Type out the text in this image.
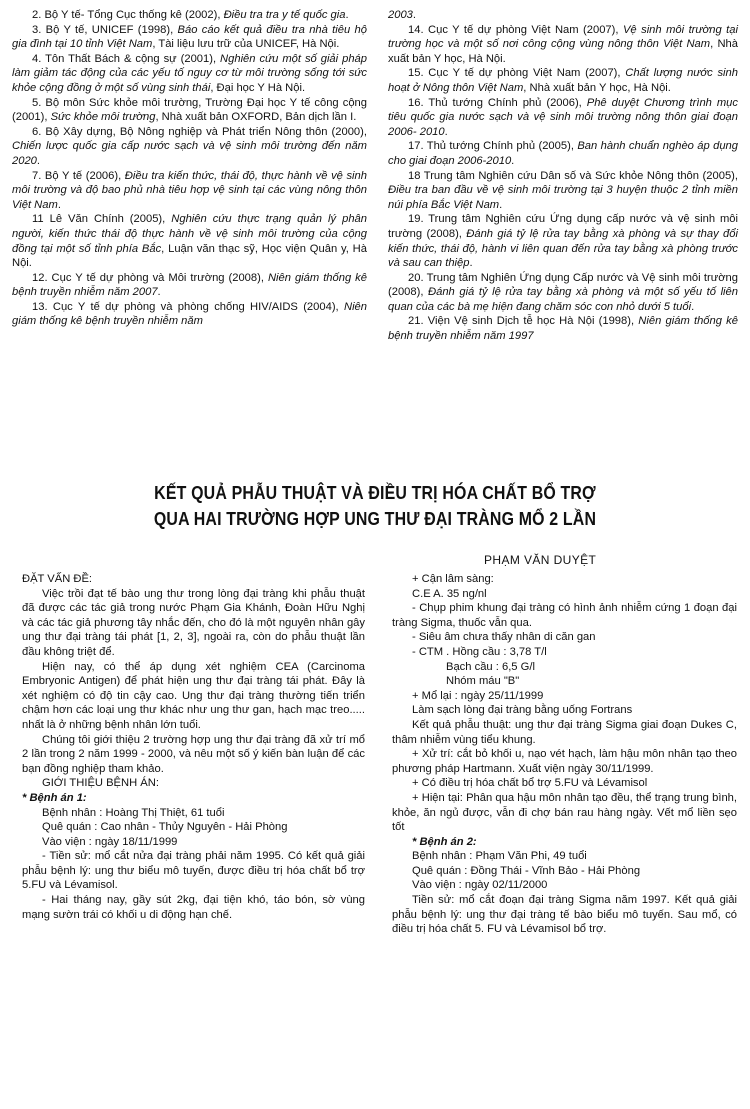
2. Bộ Y tế- Tổng Cục thống kê (2002), Điều tra tra y tế quốc gia.

3. Bộ Y tế, UNICEF (1998), Báo cáo kết quả điều tra nhà tiêu hộ gia đình tại 10 tỉnh Việt Nam, Tài liệu lưu trữ của UNICEF, Hà Nội.

4. Tôn Thất Bách & cộng sự (2001), Nghiên cứu một số giải pháp làm giảm tác động của các yếu tố nguy cơ từ môi trường sống tới sức khỏe cộng đồng ở một số vùng sinh thái, Đại học Y Hà Nội.

5. Bộ môn Sức khỏe môi trường, Trường Đại học Y tế công cộng (2001), Sức khỏe môi trường, Nhà xuất bản OXFORD, Bản dịch lần I.

6. Bộ Xây dựng, Bộ Nông nghiệp và Phát triển Nông thôn (2000), Chiến lược quốc gia cấp nước sạch và vệ sinh môi trường đến năm 2020.

7. Bộ Y tế (2006), Điều tra kiến thức, thái độ, thực hành về vệ sinh môi trường và độ bao phủ nhà tiêu hợp vệ sinh tại các vùng nông thôn Việt Nam.

11 Lê Văn Chính (2005), Nghiên cứu thực trạng quản lý phân người, kiến thức thái độ thực hành về vệ sinh môi trường của cộng đồng tại một số tỉnh phía Bắc, Luận văn thạc sỹ, Học viện Quân y, Hà Nội.

12. Cục Y tế dự phòng và Môi trường (2008), Niên giám thống kê bệnh truyền nhiễm năm 2007.

13. Cục Y tế dự phòng và phòng chống HIV/AIDS (2004), Niên giám thống kê bệnh truyền nhiễm năm

2003.

14. Cục Y tế dự phòng Việt Nam (2007), Vệ sinh môi trường tại trường học và một số nơi công cộng vùng nông thôn Việt Nam, Nhà xuất bản Y học, Hà Nội.

15. Cục Y tế dự phòng Việt Nam (2007), Chất lượng nước sinh hoạt ở Nông thôn Việt Nam, Nhà xuất bản Y học, Hà Nội.

16. Thủ tướng Chính phủ (2006), Phê duyệt Chương trình mục tiêu quốc gia nước sạch và vệ sinh môi trường nông thôn giai đoạn 2006- 2010.

17. Thủ tướng Chính phủ (2005), Ban hành chuẩn nghèo áp dụng cho giai đoạn 2006-2010.

18 Trung tâm Nghiên cứu Dân số và Sức khỏe Nông thôn (2005), Điều tra ban đầu về vệ sinh môi trường tại 3 huyện thuộc 2 tỉnh miền núi phía Bắc Việt Nam.

19. Trung tâm Nghiên cứu Ứng dụng cấp nước và vệ sinh môi trường (2008), Đánh giá tỷ lệ rửa tay bằng xà phòng và sự thay đổi kiến thức, thái độ, hành vi liên quan đến rửa tay bằng xà phòng trước và sau can thiệp.

20. Trung tâm Nghiên Ứng dụng Cấp nước và Vệ sinh môi trường (2008), Đánh giá tỷ lệ rửa tay bằng xà phòng và một số yếu tố liên quan của các bà mẹ hiện đang chăm sóc con nhỏ dưới 5 tuổi.

21. Viện Vệ sinh Dịch tễ học Hà Nội (1998), Niên giám thống kê bệnh truyền nhiễm năm 1997

KẾT QUẢ PHẪU THUẬT VÀ ĐIỀU TRỊ HÓA CHẤT BỔ TRỢ
QUA HAI TRƯỜNG HỢP UNG THƯ ĐẠI TRÀNG MỔ 2 LẦN
PHẠM VĂN DUYỆT

ĐẶT VẤN ĐỀ:

Việc trồi đạt tế bào ung thư trong lòng đại tràng khi phẫu thuật đã được các tác giả trong nước Phạm Gia Khánh, Đoàn Hữu Nghị và các tác giả phương tây nhắc đến, cho đó là một nguyên nhân gây ung thư đại tràng tái phát [1, 2, 3], ngoài ra, còn do phẫu thuật lần đầu không triệt để.

Hiện nay, có thể áp dụng xét nghiệm CEA (Carcinoma Embryonic Antigen) để phát hiện ung thư đại tràng tái phát. Đây là xét nghiệm có độ tin cậy cao. Ung thư đại tràng thường tiến triển chậm hơn các loại ung thư khác như ung thư gan, hạch mạc treo..... nhất là ở những bệnh nhân lớn tuổi.

Chúng tôi giới thiệu 2 trường hợp ung thư đại tràng đã xử trí mổ 2 lần trong 2 năm 1999 - 2000, và nêu một số ý kiến bàn luận để các bạn đồng nghiệp tham khảo.

GIỚI THIỆU BỆNH ÁN:

* Bệnh án 1:

Bệnh nhân : Hoàng Thị Thiệt, 61 tuổi

Quê quán : Cao nhân - Thủy Nguyên - Hải Phòng

Vào viện : ngày 18/11/1999

- Tiền sử: mổ cắt nửa đại tràng phải năm 1995. Có kết quả giải phẫu bệnh lý: ung thư biểu mô tuyến, được điều trị hóa chất bổ trợ 5.FU và Lévamisol.

- Hai tháng nay, gầy sút 2kg, đại tiện khó, táo bón, sờ vùng mạng sườn trái có khối u di động hạn chế.

+ Cận lâm sàng:

C.E A. 35 ng/nl

- Chụp phim khung đại tràng có hình ảnh nhiễm cứng 1 đoạn đại tràng Sigma, thuốc vẫn qua.

- Siêu âm chưa thấy nhân di căn gan

- CTM . Hồng cầu : 3,78 T/l

Bạch cầu : 6,5 G/l

Nhóm máu "B"

+ Mổ lại : ngày 25/11/1999

Làm sạch lòng đại tràng bằng uống Fortrans

Kết quả phẫu thuật: ung thư đại tràng Sigma giai đoạn Dukes C, thâm nhiễm vùng tiểu khung.

+ Xử trí: cắt bỏ khối u, nạo vét hạch, làm hậu môn nhân tạo theo phương pháp Hartmann. Xuất viện ngày 30/11/1999.

+ Có điều trị hóa chất bổ trợ 5.FU và Lévamisol

+ Hiện tại: Phân qua hậu môn nhân tạo đều, thể trạng trung bình, khỏe, ăn ngủ được, vẫn đi chợ bán rau hàng ngày. Vết mổ liền sẹo tốt

* Bệnh án 2:

Bệnh nhân : Phạm Văn Phi, 49 tuổi

Quê quán : Đồng Thái - Vĩnh Bảo - Hải Phòng

Vào viện : ngày 02/11/2000

Tiền sử: mổ cắt đoạn đại tràng Sigma năm 1997. Kết quả giải phẫu bệnh lý: ung thư đại tràng tế bào biểu mô tuyến. Sau mổ, có điều trị hóa chất 5. FU và Lévamisol bổ trợ.
